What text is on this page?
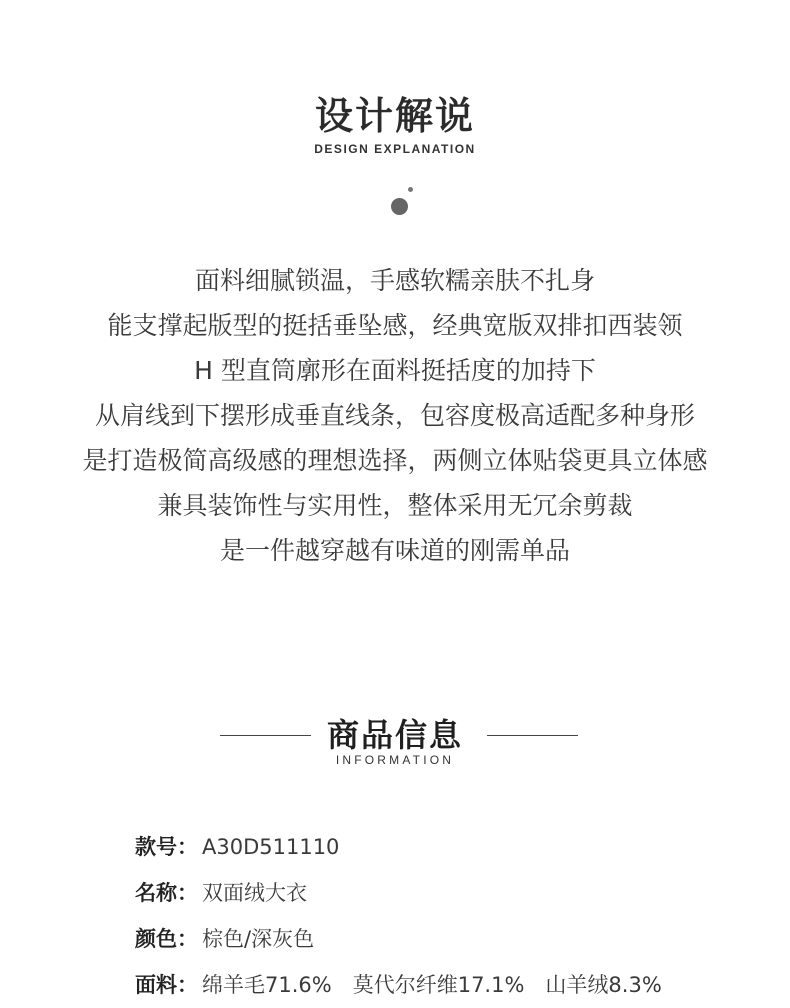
设计解说
DESIGN EXPLANATION
面料细腻锁温，手感软糯亲肤不扎身
能支撑起版型的挺括垂坠感，经典宽版双排扣西装领
H 型直筒廓形在面料挺括度的加持下
从肩线到下摆形成垂直线条，包容度极高适配多种身形
是打造极简高级感的理想选择，两侧立体贴袋更具立体感
兼具装饰性与实用性，整体采用无冗余剪裁
是一件越穿越有味道的刚需单品
商品信息
INFORMATION
款号： A30D511110
名称： 双面绒大衣
颜色： 棕色/深灰色
面料： 绵羊毛71.6%　莫代尔纤维17.1%　山羊绒8.3%
